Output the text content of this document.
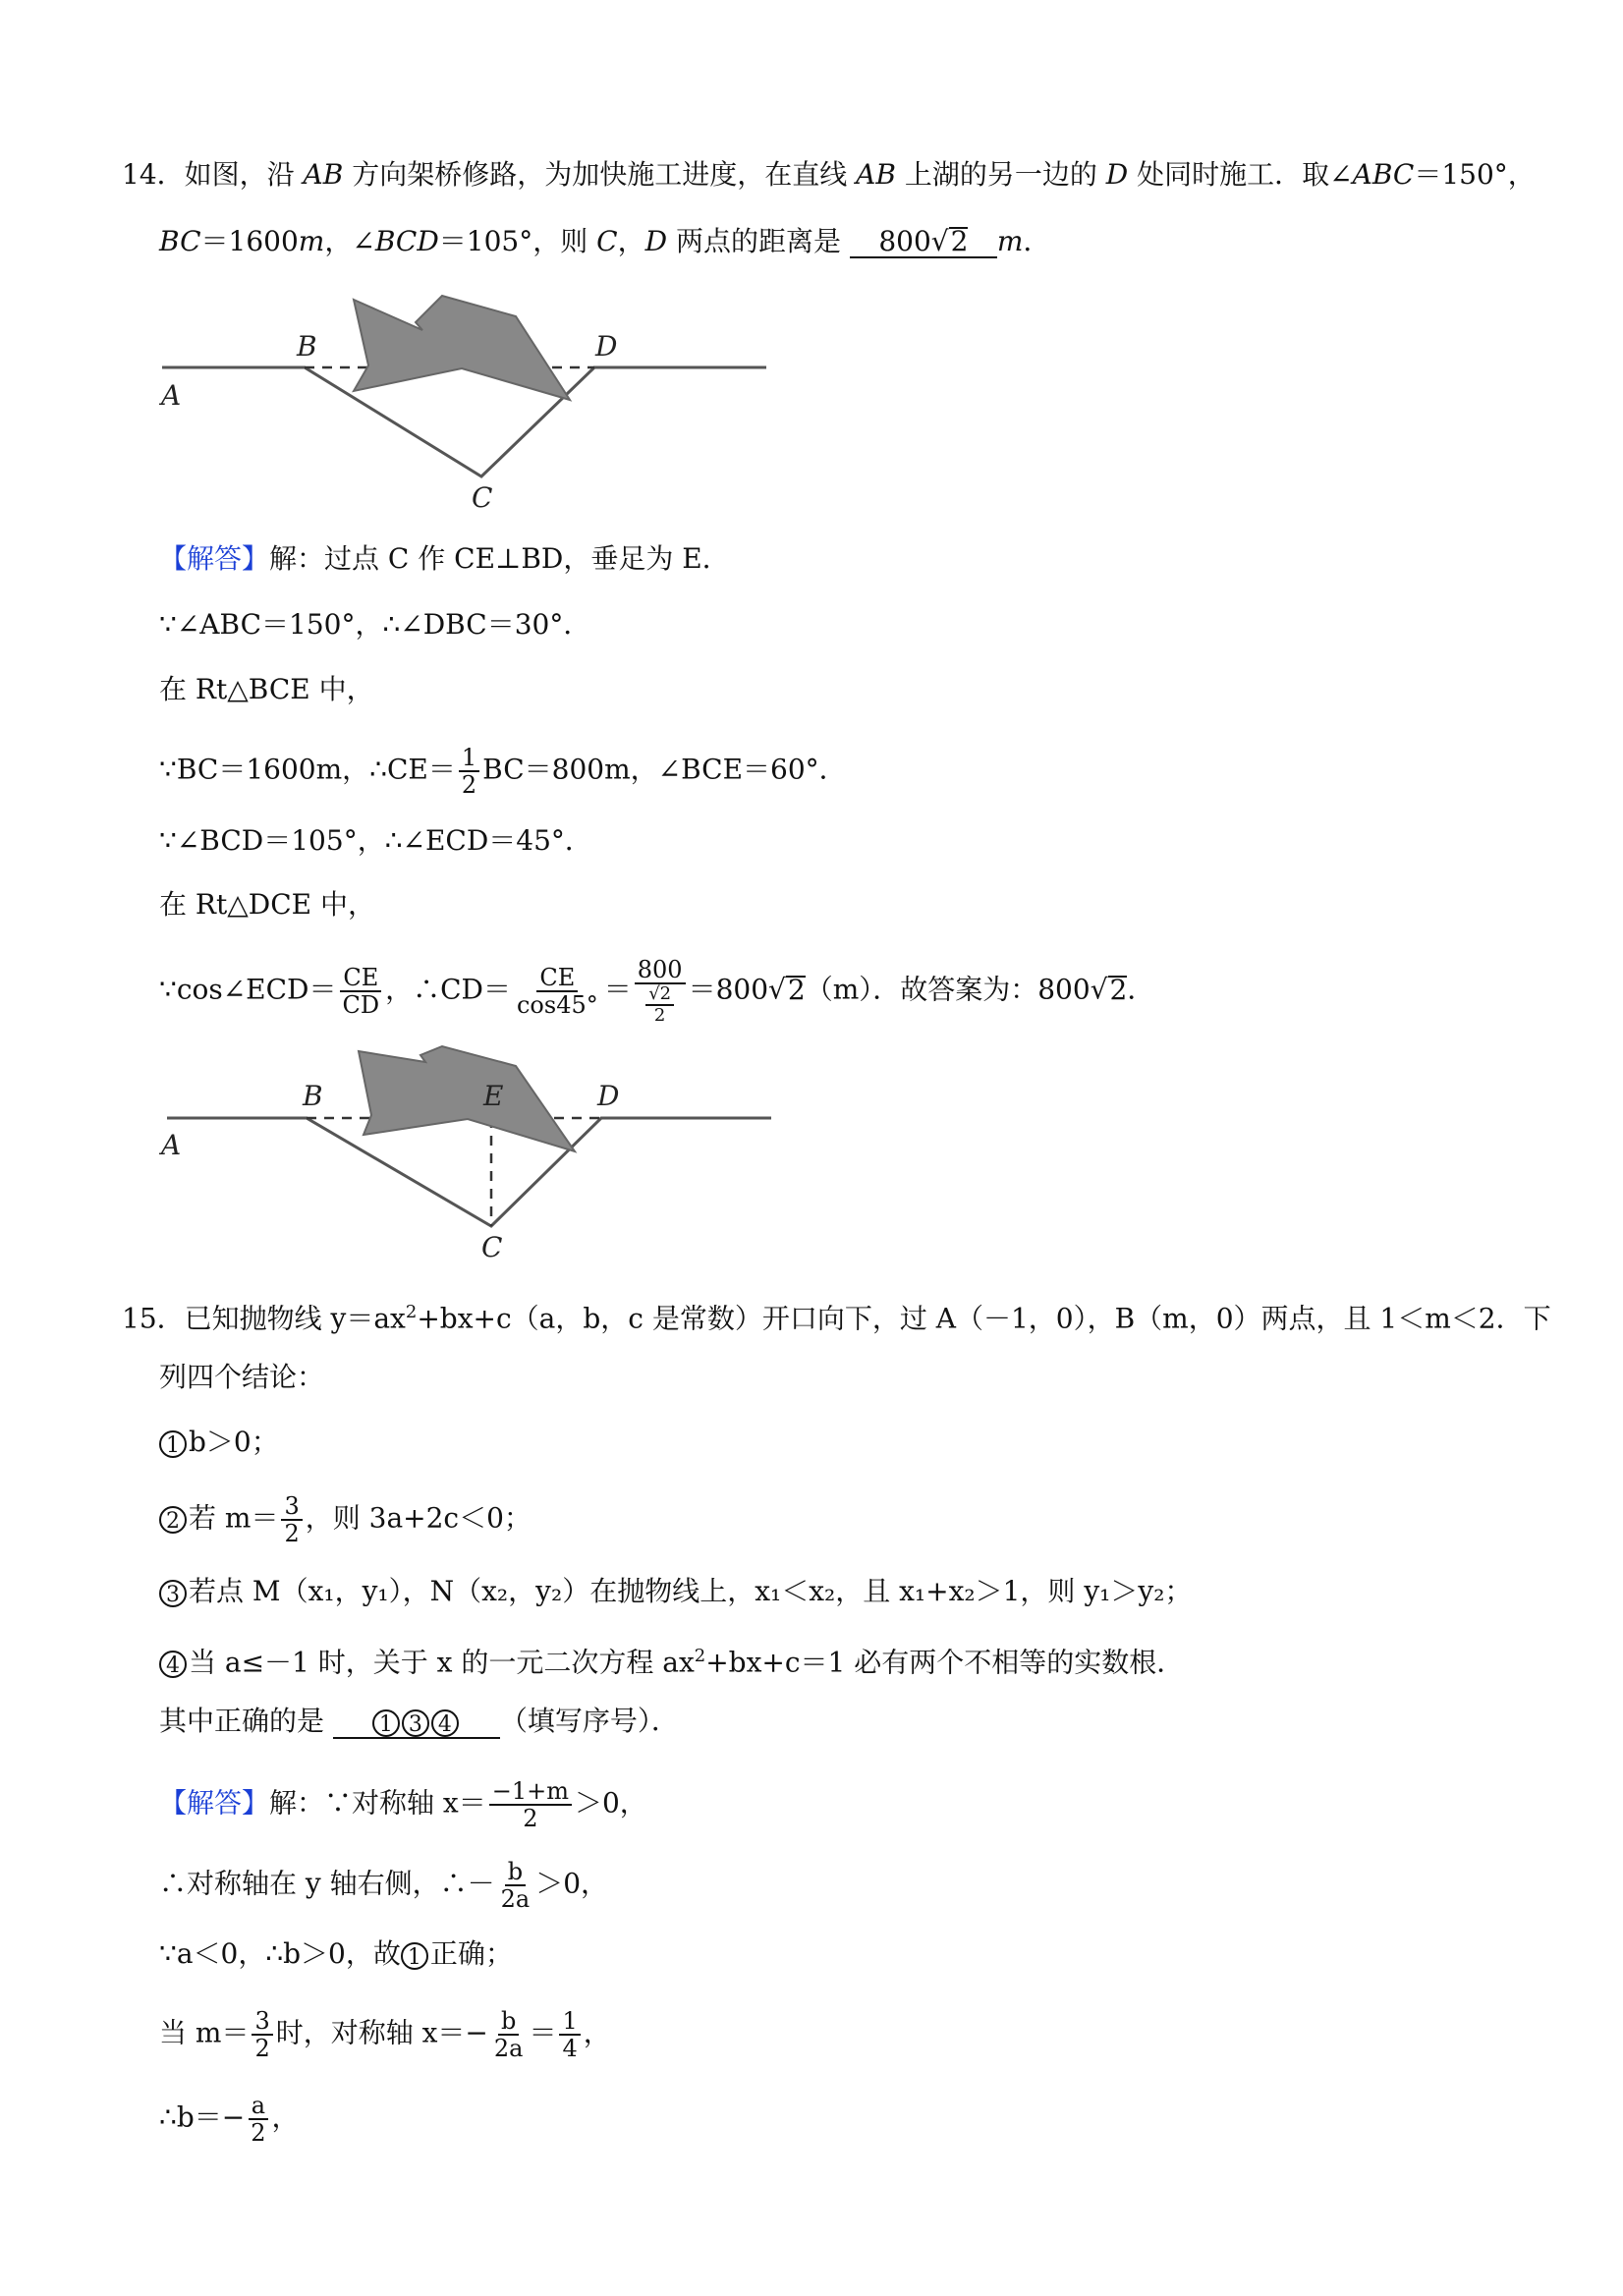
14．如图，沿 AB 方向架桥修路，为加快施工进度，在直线 AB 上湖的另一边的 D 处同时施工．取∠ABC＝150°，
BC＝1600m，∠BCD＝105°，则 C，D 两点的距离是 800√2 m．
A
B	D
C
【解答】解：过点 C 作 CE⊥BD，垂足为 E．
∵∠ABC＝150°，∴∠DBC＝30°．
在 Rt△BCE 中，
∵BC＝1600m，∴CE＝ $\frac{1}{2} BC=800m$，∠BCE＝60°．
∵∠BCD＝105°，∴∠ECD＝45°．
在 Rt△DCE 中，
∵cos∠ECD＝ $\frac{CE}{CD}$ ，∴CD＝ $\frac{CE}{\cos 45^\circ} = \frac{800}{\frac{√2}{2}} =800√2(m)$．故答案为：800√2．
A
B	E	D
C
15．已知抛物线 $y=ax^2+bx+c(a$，b，c 是常数）开口向下，过 A（－1，0），B（m，0）两点，且 1＜m＜2．下
列四个结论：
1 b＞0；
2 若 $m= \frac{3}{2}$ ，则 3a+2c＜0；
3 若点 M（x₁，y₁），N（x₂，y₂）在抛物线上，x₁＜x₂，且 x₁+x₂＞1，则 y₁＞y₂；
4 当 a≤－1 时，关于 x 的一元二次方程 $ax^2+bx+c=1$ 必有两个不相等的实数根．
其中正确的是 1 3 4 （填写序号）．
【解答】解：∵对称轴 $x= \frac{-1+m}{2} >0$，
∴对称轴在 y 轴右侧，∴－ $\frac{b}{2a} >0$，
∵a＜0，∴b＞0，故 1 正确；
当 $m= \frac{3}{2}$ 时，对称轴 $x=- \frac{b}{2a} = \frac{1}{4}$ ，
∴b＝− $\frac{a}{2}$ ，
